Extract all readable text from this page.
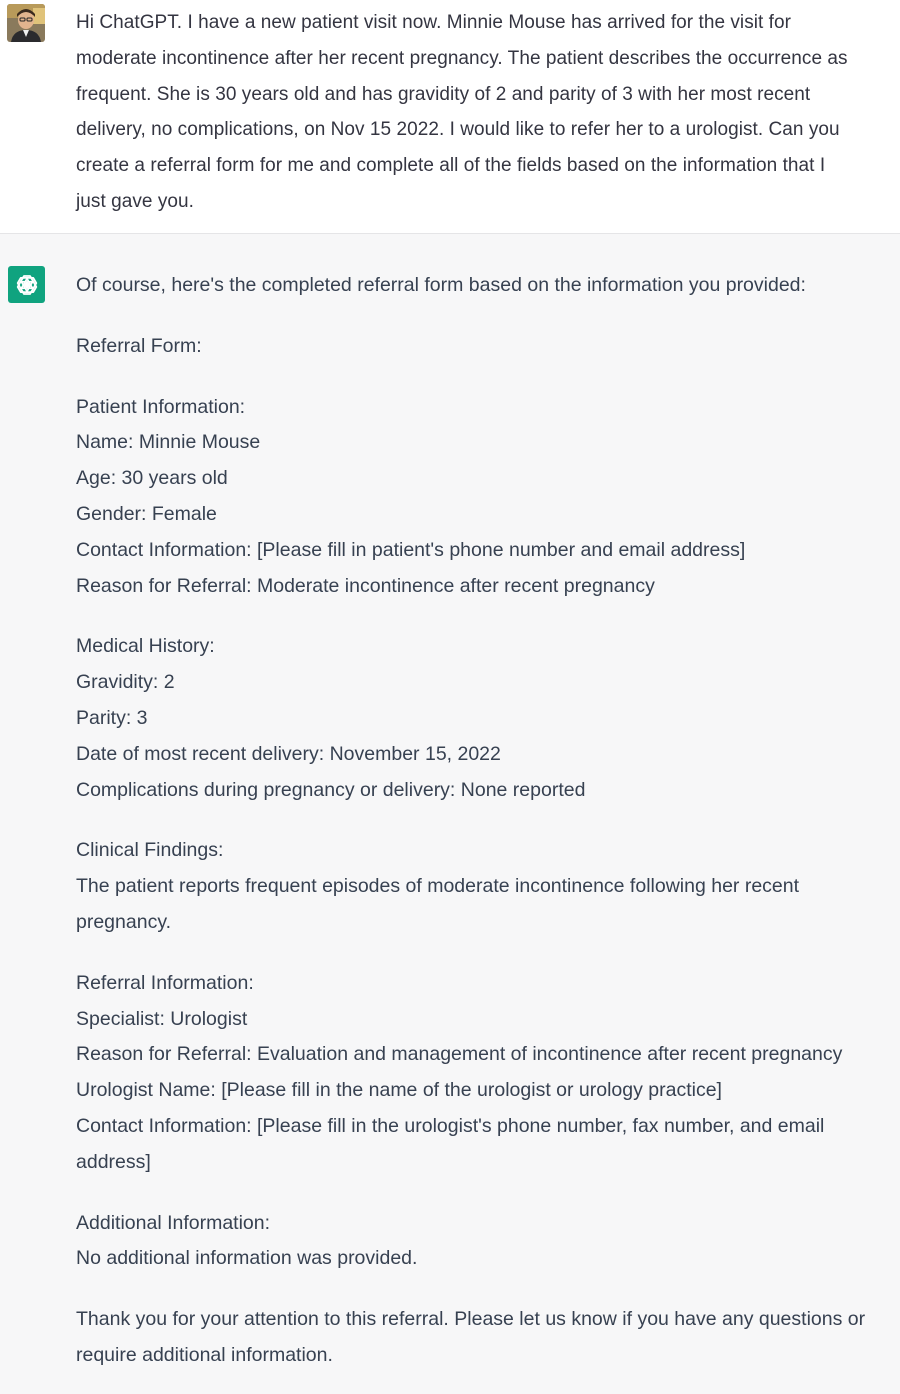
Hi ChatGPT. I have a new patient visit now. Minnie Mouse has arrived for the visit for
moderate incontinence after her recent pregnancy. The patient describes the occurrence as
frequent. She is 30 years old and has gravidity of 2 and parity of 3 with her most recent
delivery, no complications, on Nov 15 2022. I would like to refer her to a urologist. Can you
create a referral form for me and complete all of the fields based on the information that I
just gave you.
Of course, here's the completed referral form based on the information you provided:
Referral Form:
Patient Information:
Name: Minnie Mouse
Age: 30 years old
Gender: Female
Contact Information: [Please fill in patient's phone number and email address]
Reason for Referral: Moderate incontinence after recent pregnancy
Medical History:
Gravidity: 2
Parity: 3
Date of most recent delivery: November 15, 2022
Complications during pregnancy or delivery: None reported
Clinical Findings:
The patient reports frequent episodes of moderate incontinence following her recent
pregnancy.
Referral Information:
Specialist: Urologist
Reason for Referral: Evaluation and management of incontinence after recent pregnancy
Urologist Name: [Please fill in the name of the urologist or urology practice]
Contact Information: [Please fill in the urologist's phone number, fax number, and email
address]
Additional Information:
No additional information was provided.
Thank you for your attention to this referral. Please let us know if you have any questions or
require additional information.
